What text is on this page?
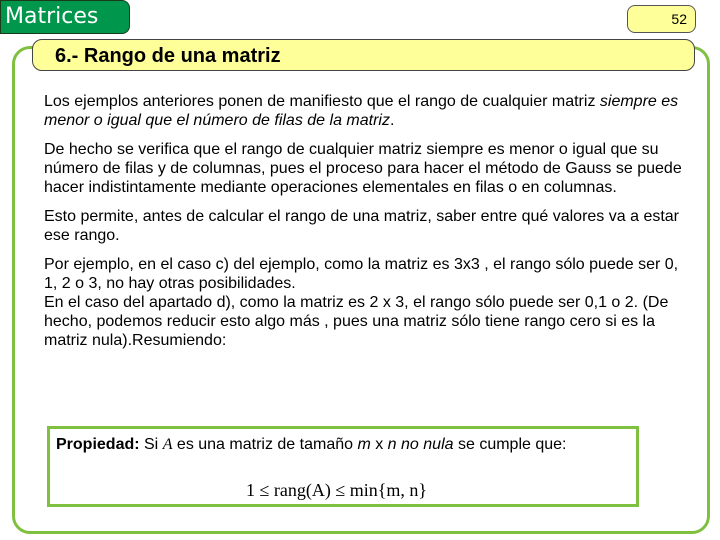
Matrices	52
6.- Rango de una matriz

Los ejemplos anteriores ponen de manifiesto que el rango de cualquier matriz siempre es menor o igual que el número de filas de la matriz.

De hecho se verifica que el rango de cualquier matriz siempre es menor o igual que su número de filas y de columnas, pues el proceso para hacer el método de Gauss se puede hacer indistintamente mediante operaciones elementales en filas o en columnas.

Esto permite, antes de calcular el rango de una matriz, saber entre qué valores va a estar ese rango.

Por ejemplo, en el caso c) del ejemplo, como la matriz es 3x3 , el rango sólo puede ser 0, 1, 2 o 3, no hay otras posibilidades.

En el caso del apartado d), como la matriz es 2 x 3, el rango sólo puede ser 0,1 o 2. (De hecho, podemos reducir esto algo más , pues una matriz sólo tiene rango cero si es la matriz nula).Resumiendo:

Propiedad: Si A es una matriz de tamaño m x n no nula se cumple que:
1 ≤ rang(A) ≤ min{m, n}
